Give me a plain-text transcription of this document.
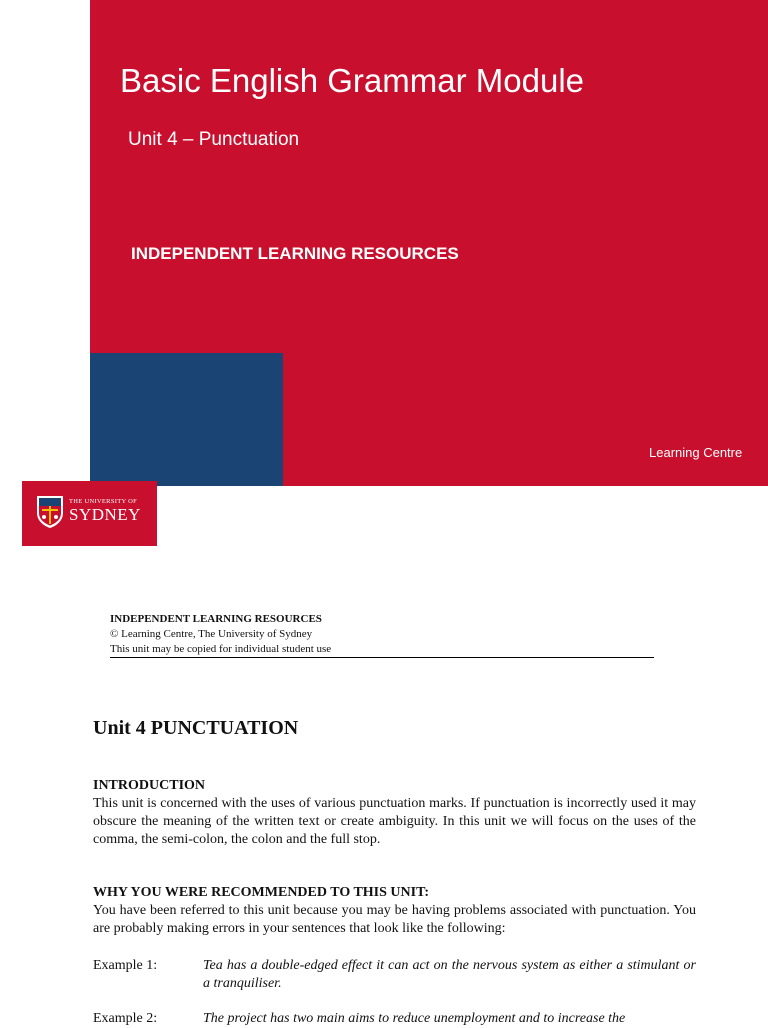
Basic English Grammar Module
Unit 4 – Punctuation
INDEPENDENT LEARNING RESOURCES
Learning Centre
THE UNIVERSITY OF
SYDNEY
INDEPENDENT LEARNING RESOURCES
© Learning Centre, The University of Sydney
This unit may be copied for individual student use
Unit 4 PUNCTUATION
INTRODUCTION

This unit is concerned with the uses of various punctuation marks. If punctuation is incorrectly used it may obscure the meaning of the written text or create ambiguity. In this unit we will focus on the uses of the comma, the semi-colon, the colon and the full stop.

WHY YOU WERE RECOMMENDED TO THIS UNIT:

You have been referred to this unit because you may be having problems associated with punctuation. You are probably making errors in your sentences that look like the following:

Example 1:	Tea has a double-edged effect it can act on the nervous system as either a stimulant or a tranquiliser.
Example 2:	The project has two main aims to reduce unemployment and to increase the
